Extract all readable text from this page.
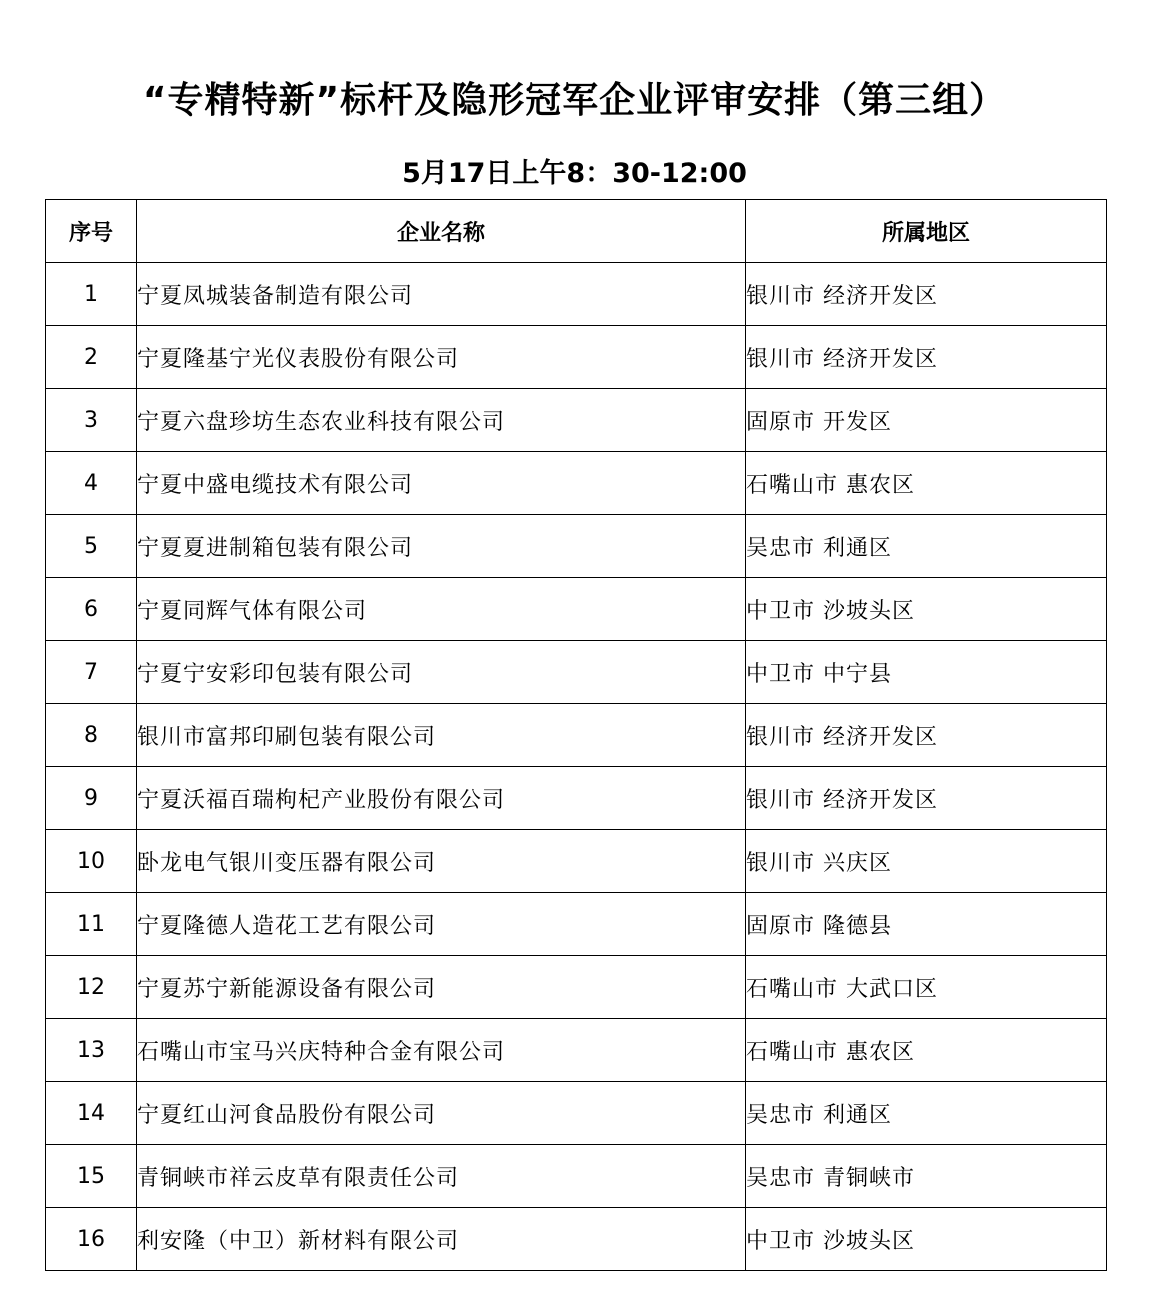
“专精特新”标杆及隐形冠军企业评审安排（第三组）
5月17日上午8：30-12:00
序号	企业名称	所属地区
1	宁夏凤城装备制造有限公司	银川市 经济开发区
2	宁夏隆基宁光仪表股份有限公司	银川市 经济开发区
3	宁夏六盘珍坊生态农业科技有限公司	固原市 开发区
4	宁夏中盛电缆技术有限公司	石嘴山市 惠农区
5	宁夏夏进制箱包装有限公司	吴忠市 利通区
6	宁夏同辉气体有限公司	中卫市 沙坡头区
7	宁夏宁安彩印包装有限公司	中卫市 中宁县
8	银川市富邦印刷包装有限公司	银川市 经济开发区
9	宁夏沃福百瑞枸杞产业股份有限公司	银川市 经济开发区
10	卧龙电气银川变压器有限公司	银川市 兴庆区
11	宁夏隆德人造花工艺有限公司	固原市 隆德县
12	宁夏苏宁新能源设备有限公司	石嘴山市 大武口区
13	石嘴山市宝马兴庆特种合金有限公司	石嘴山市 惠农区
14	宁夏红山河食品股份有限公司	吴忠市 利通区
15	青铜峡市祥云皮草有限责任公司	吴忠市 青铜峡市
16	利安隆（中卫）新材料有限公司	中卫市 沙坡头区
